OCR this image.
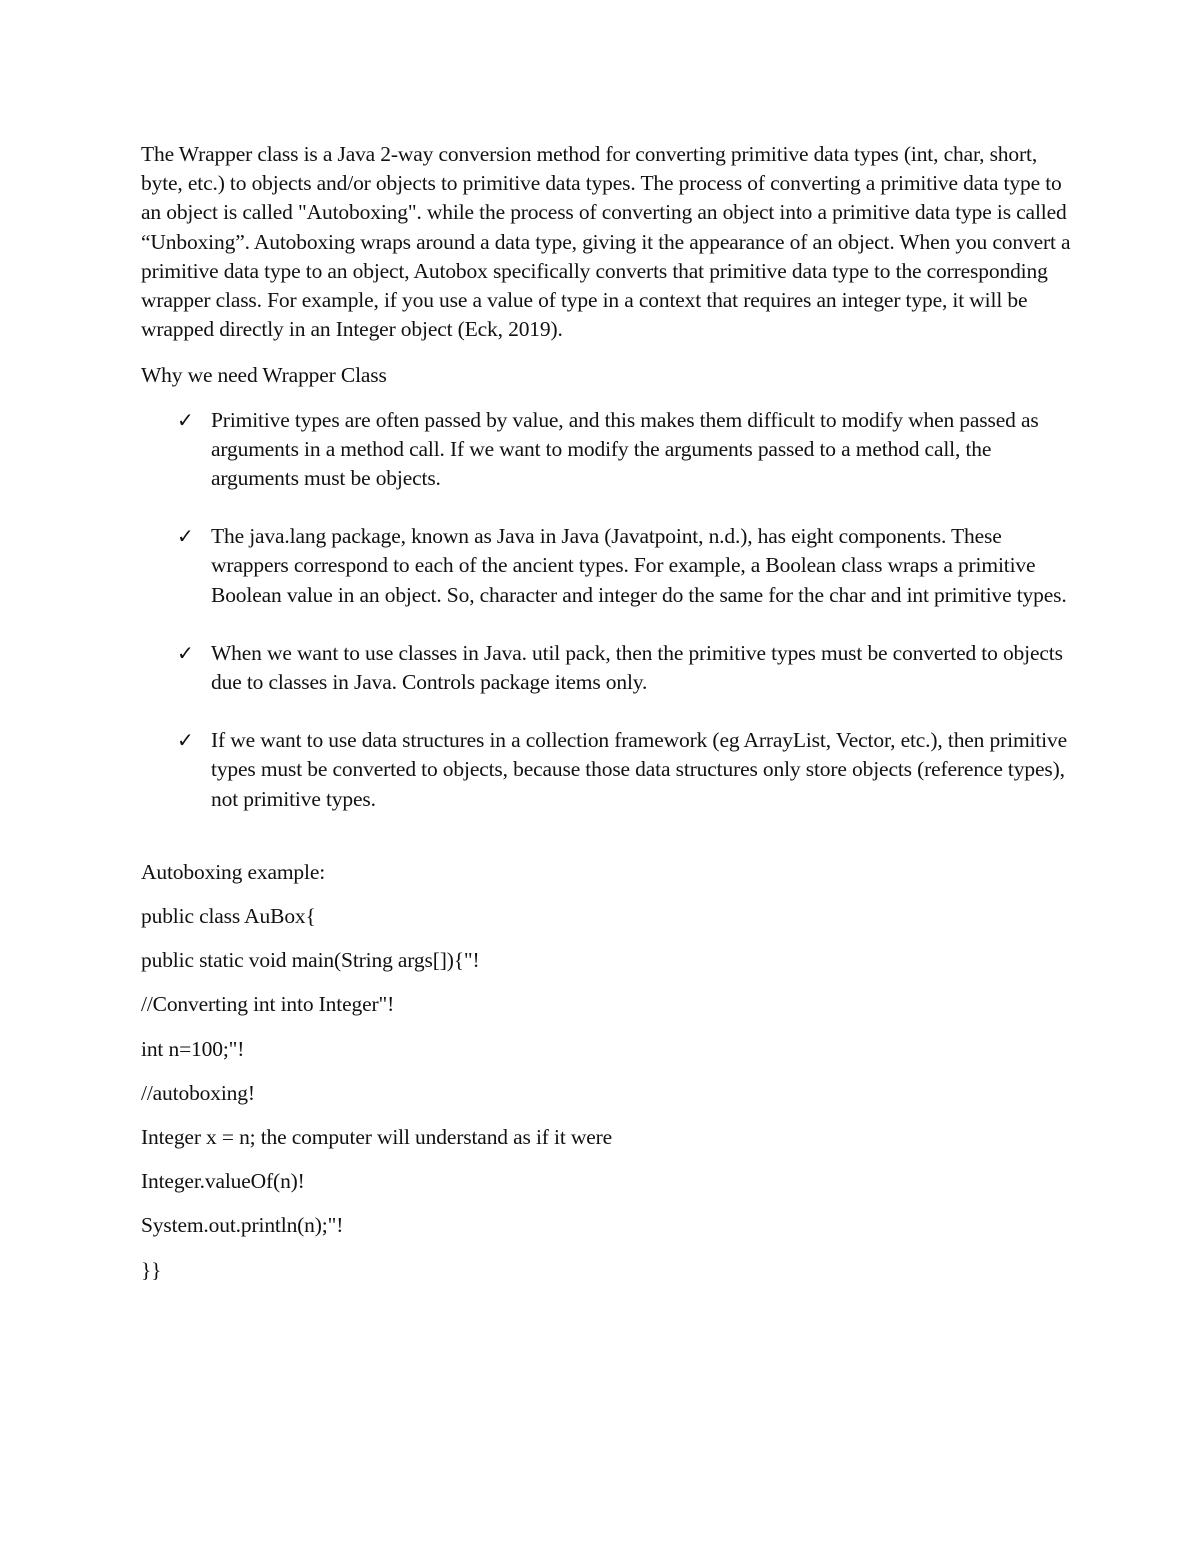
The Wrapper class is a Java 2-way conversion method for converting primitive data types (int, char, short, byte, etc.) to objects and/or objects to primitive data types. The process of converting a primitive data type to an object is called "Autoboxing". while the process of converting an object into a primitive data type is called “Unboxing”. Autoboxing wraps around a data type, giving it the appearance of an object. When you convert a primitive data type to an object, Autobox specifically converts that primitive data type to the corresponding wrapper class. For example, if you use a value of type in a context that requires an integer type, it will be wrapped directly in an Integer object (Eck, 2019).

Why we need Wrapper Class

✓ Primitive types are often passed by value, and this makes them difficult to modify when passed as arguments in a method call. If we want to modify the arguments passed to a method call, the arguments must be objects.
✓ The java.lang package, known as Java in Java (Javatpoint, n.d.), has eight components. These wrappers correspond to each of the ancient types. For example, a Boolean class wraps a primitive Boolean value in an object. So, character and integer do the same for the char and int primitive types.
✓ When we want to use classes in Java. util pack, then the primitive types must be converted to objects due to classes in Java. Controls package items only.
✓ If we want to use data structures in a collection framework (eg ArrayList, Vector, etc.), then primitive types must be converted to objects, because those data structures only store objects (reference types), not primitive types.

Autoboxing example:

public class AuBox{

public static void main(String args[]){"!

//Converting int into Integer"!

int n=100;"!

//autoboxing!

Integer x = n; the computer will understand as if it were

Integer.valueOf(n)!

System.out.println(n);"!

}}
